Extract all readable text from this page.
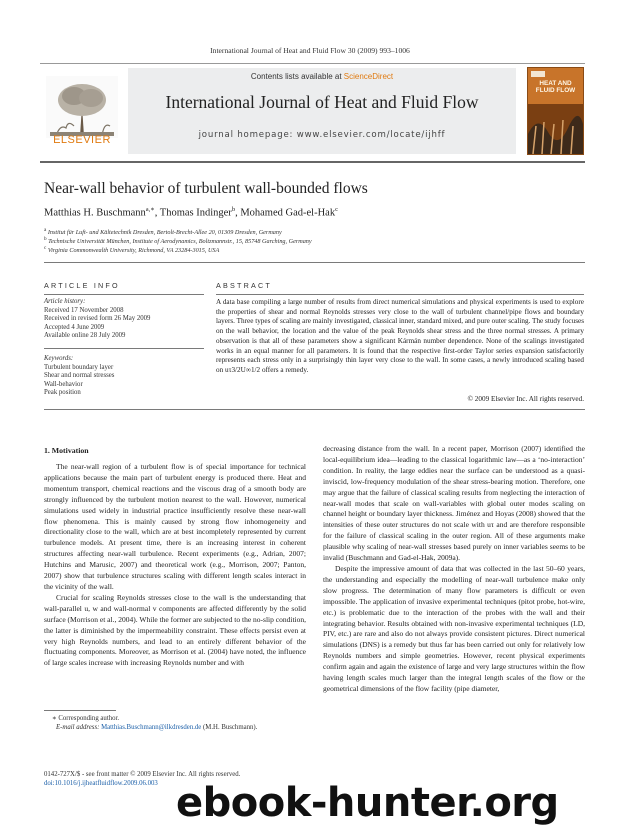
International Journal of Heat and Fluid Flow 30 (2009) 993–1006
ELSEVIER
Contents lists available at ScienceDirect
International Journal of Heat and Fluid Flow
journal homepage: www.elsevier.com/locate/ijhff
HEAT AND FLUID FLOW
Near-wall behavior of turbulent wall-bounded flows
Matthias H. Buschmann$^{a,∗}$, Thomas Indinger$^b$, Mohamed Gad-el-Hak$^c$
$^a$ Institut für Luft- und Kältetechnik Dresden, Bertolt-Brecht-Allee 20, 01309 Dresden, Germany
$^b$ Technische Universität München, Institute of Aerodynamics, Boltzmannstr., 15, 85748 Garching, Germany
$^c$ Virginia Commonwealth University, Richmond, VA 23284-3015, USA
ARTICLE INFO
Article history:
Received 17 November 2008
Received in revised form 26 May 2009
Accepted 4 June 2009
Available online 28 July 2009
Keywords:
Turbulent boundary layer
Shear and normal stresses
Wall-behavior
Peak position
ABSTRACT
A data base compiling a large number of results from direct numerical simulations and physical experiments is used to explore the properties of shear and normal Reynolds stresses very close to the wall of turbulent channel/pipe flows and boundary layers. Three types of scaling are mainly investigated, classical inner, standard mixed, and pure outer scaling. The study focuses on the wall behavior, the location and the value of the peak Reynolds shear stress and the three normal stresses. A primary observation is that all of these parameters show a significant Kármán number dependence. None of the scalings investigated works in an equal manner for all parameters. It is found that the respective first-order Taylor series expansion satisfactorily represents each stress only in a surprisingly thin layer very close to the wall. In some cases, a newly introduced scaling based on uτ3/2U∞1/2 offers a remedy.
© 2009 Elsevier Inc. All rights reserved.
1. Motivation

The near-wall region of a turbulent flow is of special importance for technical applications because the main part of turbulent energy is produced there. Heat and momentum transport, chemical reactions and the viscous drag of a smooth body are strongly influenced by the turbulent motion nearest to the wall. However, numerical simulations used widely in industrial practice insufficiently resolve these near-wall flow phenomena. This is mainly caused by strong flow inhomogeneity and directionality close to the wall, which are at best incompletely represented by current turbulence models. At present time, there is an increasing interest in coherent structures affecting near-wall turbulence. Recent experiments (e.g., Adrian, 2007; Hutchins and Marusic, 2007) and theoretical work (e.g., Morrison, 2007; Panton, 2007) show that turbulence structures scaling with different length scales interact in the vicinity of the wall.

Crucial for scaling Reynolds stresses close to the wall is the understanding that wall-parallel u, w and wall-normal v components are affected differently by the solid surface (Morrison et al., 2004). While the former are subjected to the no-slip condition, the latter is diminished by the impermeability constraint. These effects persist even at very high Reynolds numbers, and lead to an entirely different behavior of the fluctuating components. Moreover, as Morrison et al. (2004) have noted, the influence of large scales increase with increasing Reynolds number and with

decreasing distance from the wall. In a recent paper, Morrison (2007) identified the local-equilibrium idea—leading to the classical logarithmic law—as a ‘no-interaction’ condition. In reality, the large eddies near the surface can be understood as a quasi-inviscid, low-frequency modulation of the shear stress-bearing motion. Therefore, one may argue that the failure of classical scaling results from neglecting the interaction of near-wall modes that scale on wall-variables with global outer modes scaling on channel height or boundary layer thickness. Jiménez and Hoyas (2008) showed that the intensities of these outer structures do not scale with uτ and are therefore responsible for the failure of classical scaling in the outer region. All of these arguments make plausible why scaling of near-wall stresses based purely on inner variables seems to be invalid (Buschmann and Gad-el-Hak, 2009a).

Despite the impressive amount of data that was collected in the last 50–60 years, the understanding and especially the modelling of near-wall turbulence make only slow progress. The determination of many flow parameters is difficult or even impossible. The application of invasive experimental techniques (pitot probe, hot-wire, etc.) is problematic due to the interaction of the probes with the wall and their integrating behavior. Results obtained with non-invasive experimental techniques (LD, PIV, etc.) are rare and also do not always provide consistent pictures. Direct numerical simulations (DNS) is a remedy but thus far has been carried out only for relatively low Reynolds numbers and simple geometries. However, recent physical experiments confirm again and again the existence of large and very large structures within the flow having length scales much larger than the integral length scales of the flow or the geometrical dimensions of the flow facility (pipe diameter,

∗ Corresponding author.
E-mail address: Matthias.Buschmann@ilkdresden.de (M.H. Buschmann).
0142-727X/$ - see front matter © 2009 Elsevier Inc. All rights reserved.
doi:10.1016/j.ijheatfluidflow.2009.06.003 ebook-hunter.org
